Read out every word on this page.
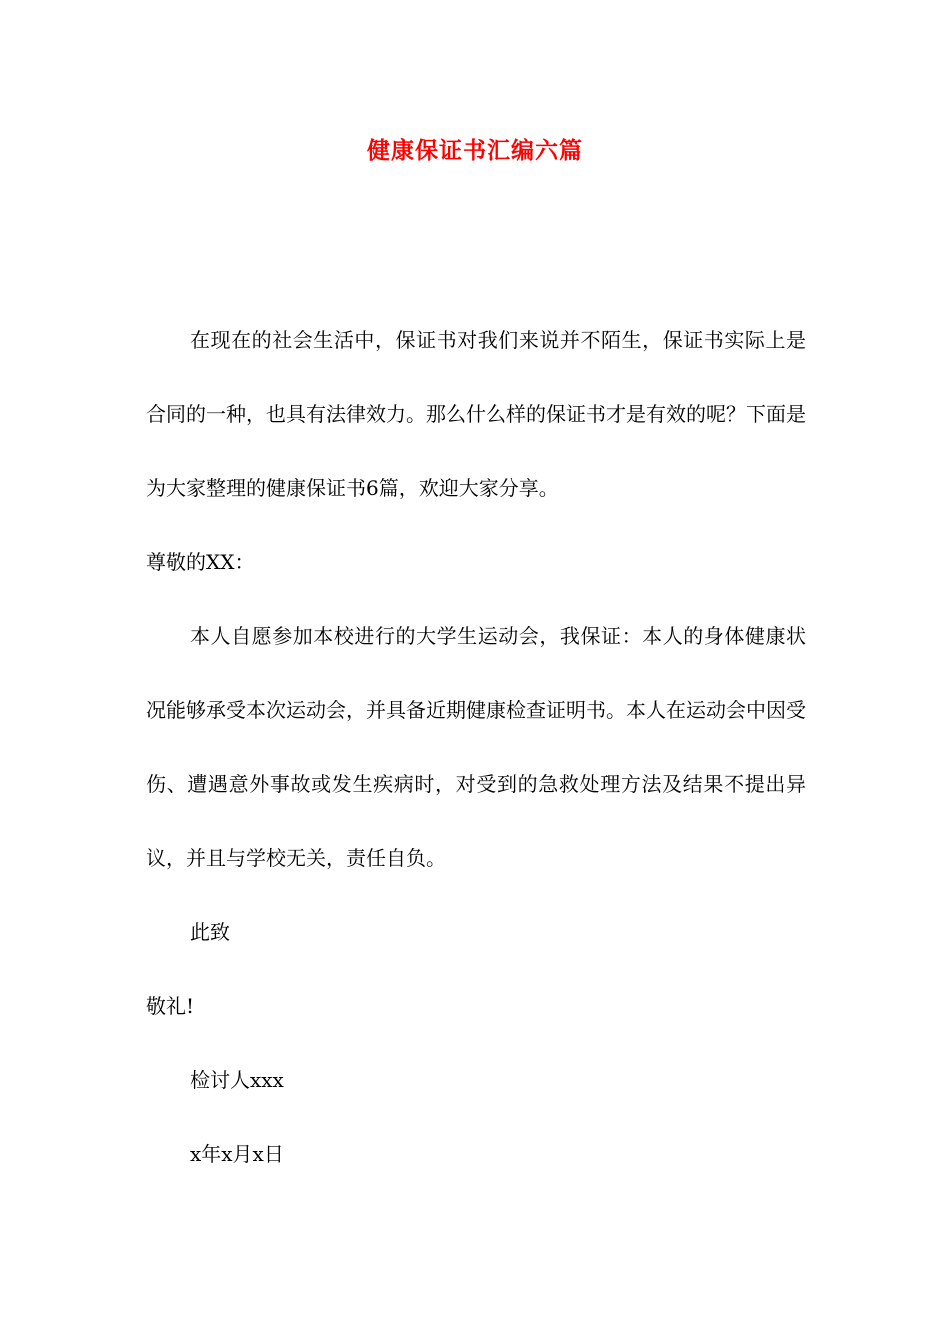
健康保证书汇编六篇

在现在的社会生活中，保证书对我们来说并不陌生，保证书实际上是合同的一种，也具有法律效力。那么什么样的保证书才是有效的呢？下面是为大家整理的健康保证书6篇，欢迎大家分享。

尊敬的XX：

本人自愿参加本校进行的大学生运动会，我保证：本人的身体健康状况能够承受本次运动会，并具备近期健康检查证明书。本人在运动会中因受伤、遭遇意外事故或发生疾病时，对受到的急救处理方法及结果不提出异议，并且与学校无关，责任自负。

此致

敬礼!

检讨人xxx

x年x月x日
